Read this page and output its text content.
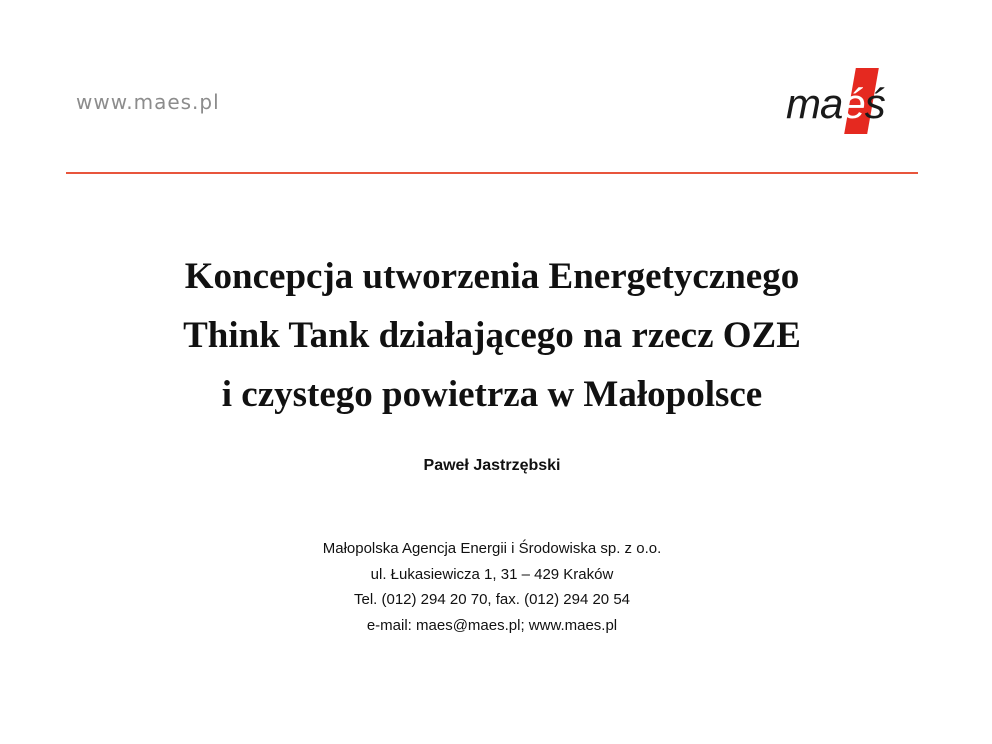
www.maes.pl	maéś
Koncepcja utworzenia Energetycznego
Think Tank działającego na rzecz OZE
i czystego powietrza w Małopolsce
Paweł Jastrzębski
Małopolska Agencja Energii i Środowiska sp. z o.o.
ul. Łukasiewicza 1, 31 – 429 Kraków
Tel. (012) 294 20 70, fax. (012) 294 20 54
e-mail: maes@maes.pl; www.maes.pl
